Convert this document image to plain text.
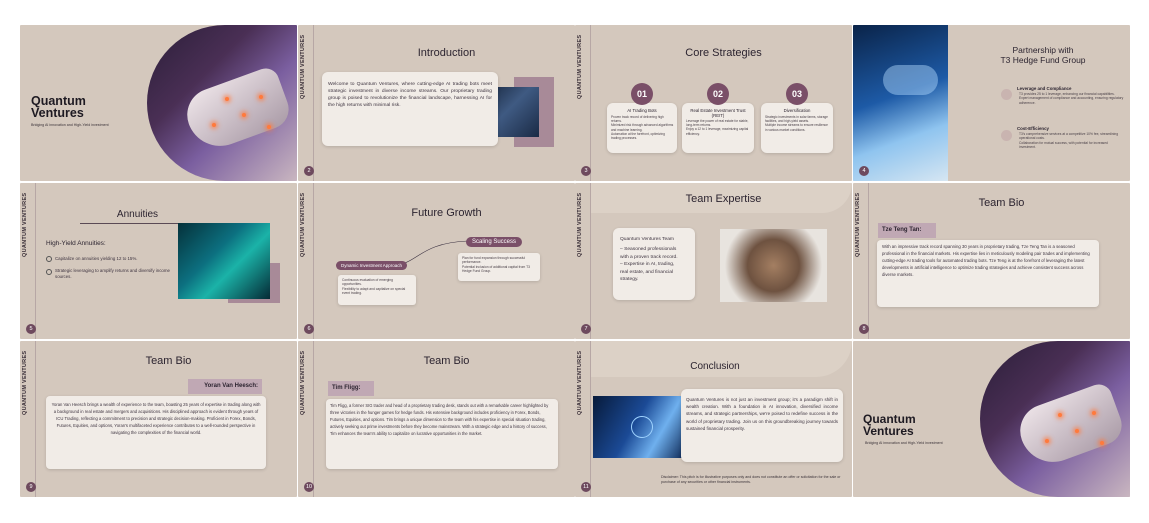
Quantum
Ventures
Bridging AI innovation and High-Yield investment
QUANTUM VENTURES	Introduction
Welcome to Quantum Ventures, where cutting-edge AI trading bots meet strategic investment in diverse income streams. Our proprietary trading group is poised to revolutionize the financial landscape, harnessing AI for the high returns with minimal risk.
2
QUANTUM VENTURES	Core Strategies
01	02	03
AI Trading Bots	Real Estate Investment Trust (REIT)
Diversification
Proven track record of delivering high returns.
Minimized risk through advanced algorithms and machine learning.
Automation at the forefront, optimizing trading processes.
Leverage the power of real estate for stable, long-term returns.
Enjoy a 12 to 1 leverage, maximizing capital efficiency.
Strategic investments in solar farms, storage facilities, and high-yield assets.
Multiple income streams to ensure resilience in various market conditions.
3
Partnership with
T3 Hedge Fund Group
Leverage and Compliance
T3 provides 25 to 1 leverage, enhancing our financial capabilities.
Expert management of compliance and accounting, ensuring regulatory adherence.
Cost-Efficiency
T3's comprehensive services at a competitive 10% fee, streamlining operational costs.
Collaboration for mutual success, with potential for increased investment.
4
QUANTUM VENTURES	Annuities
High-Yield Annuities:
Capitalize on annuities yielding 12 to 15%.
Strategic leveraging to amplify returns and diversify income sources.
5
QUANTUM VENTURES	Future Growth
Dynamic Investment Approach
Continuous evaluation of emerging opportunities.
Flexibility to adapt and capitalize on special event trading.
Scaling Success
Plan for fund expansion through successful performance.
Potential inclusion of additional capital from T3 Hedge Fund Group.
6
QUANTUM VENTURES	Team Expertise
Quantum Ventures Team
– Seasoned professionals
with a proven track record.
– Expertise in AI, trading,
real estate, and financial
strategy.
7
QUANTUM VENTURES	Team Bio
Tze Teng Tan:
With an impressive track record spanning 30 years in proprietary trading, Tze Teng Tan is a seasoned professional in the financial markets. His expertise lies in meticulously modeling pair trades and implementing cutting-edge AI trading tools for automated trading bots. Tze Teng is at the forefront of leveraging the latest developments in artificial intelligence to optimize trading strategies and achieve consistent success across diverse markets.
8
QUANTUM VENTURES	Team Bio
Yoran Van Heesch:
Yoran Van Heesch brings a wealth of experience to the team, boasting 25 years of expertise in trading along with a background in real estate and mergers and acquisitions. His disciplined approach is evident through years of ICU Trading, reflecting a commitment to precision and strategic decision-making. Proficient in Forex, Bonds, Futures, Equities, and options, Yoran's multifaceted experience contributes to a well-rounded perspective in navigating the complexities of the financial world.
9
QUANTUM VENTURES	Team Bio
Tim Fligg:
Tim Fligg, a former SIG trader and head of a proprietary trading desk, stands out with a remarkable career highlighted by three victories in the hunger games for hedge funds. His extensive background includes proficiency in Forex, Bonds, Futures, Equities, and options. Tim brings a unique dimension to the team with his expertise in special situation trading, actively seeking out prime investments before they become mainstream. With a strategic edge and a history of success, Tim enhances the team's ability to capitalize on lucrative opportunities in the market.
10
QUANTUM VENTURES	Conclusion
Quantum Ventures is not just an investment group; it's a paradigm shift in wealth creation. With a foundation in AI innovation, diversified income streams, and strategic partnerships, we're poised to redefine success in the world of proprietary trading. Join us on this groundbreaking journey towards sustained financial prosperity.
Disclaimer: This pitch is for illustrative purposes only and does not constitute an offer or solicitation for the sale or purchase of any securities or other financial instruments.
11
Quantum
Ventures
Bridging AI innovation and High-Yield investment
